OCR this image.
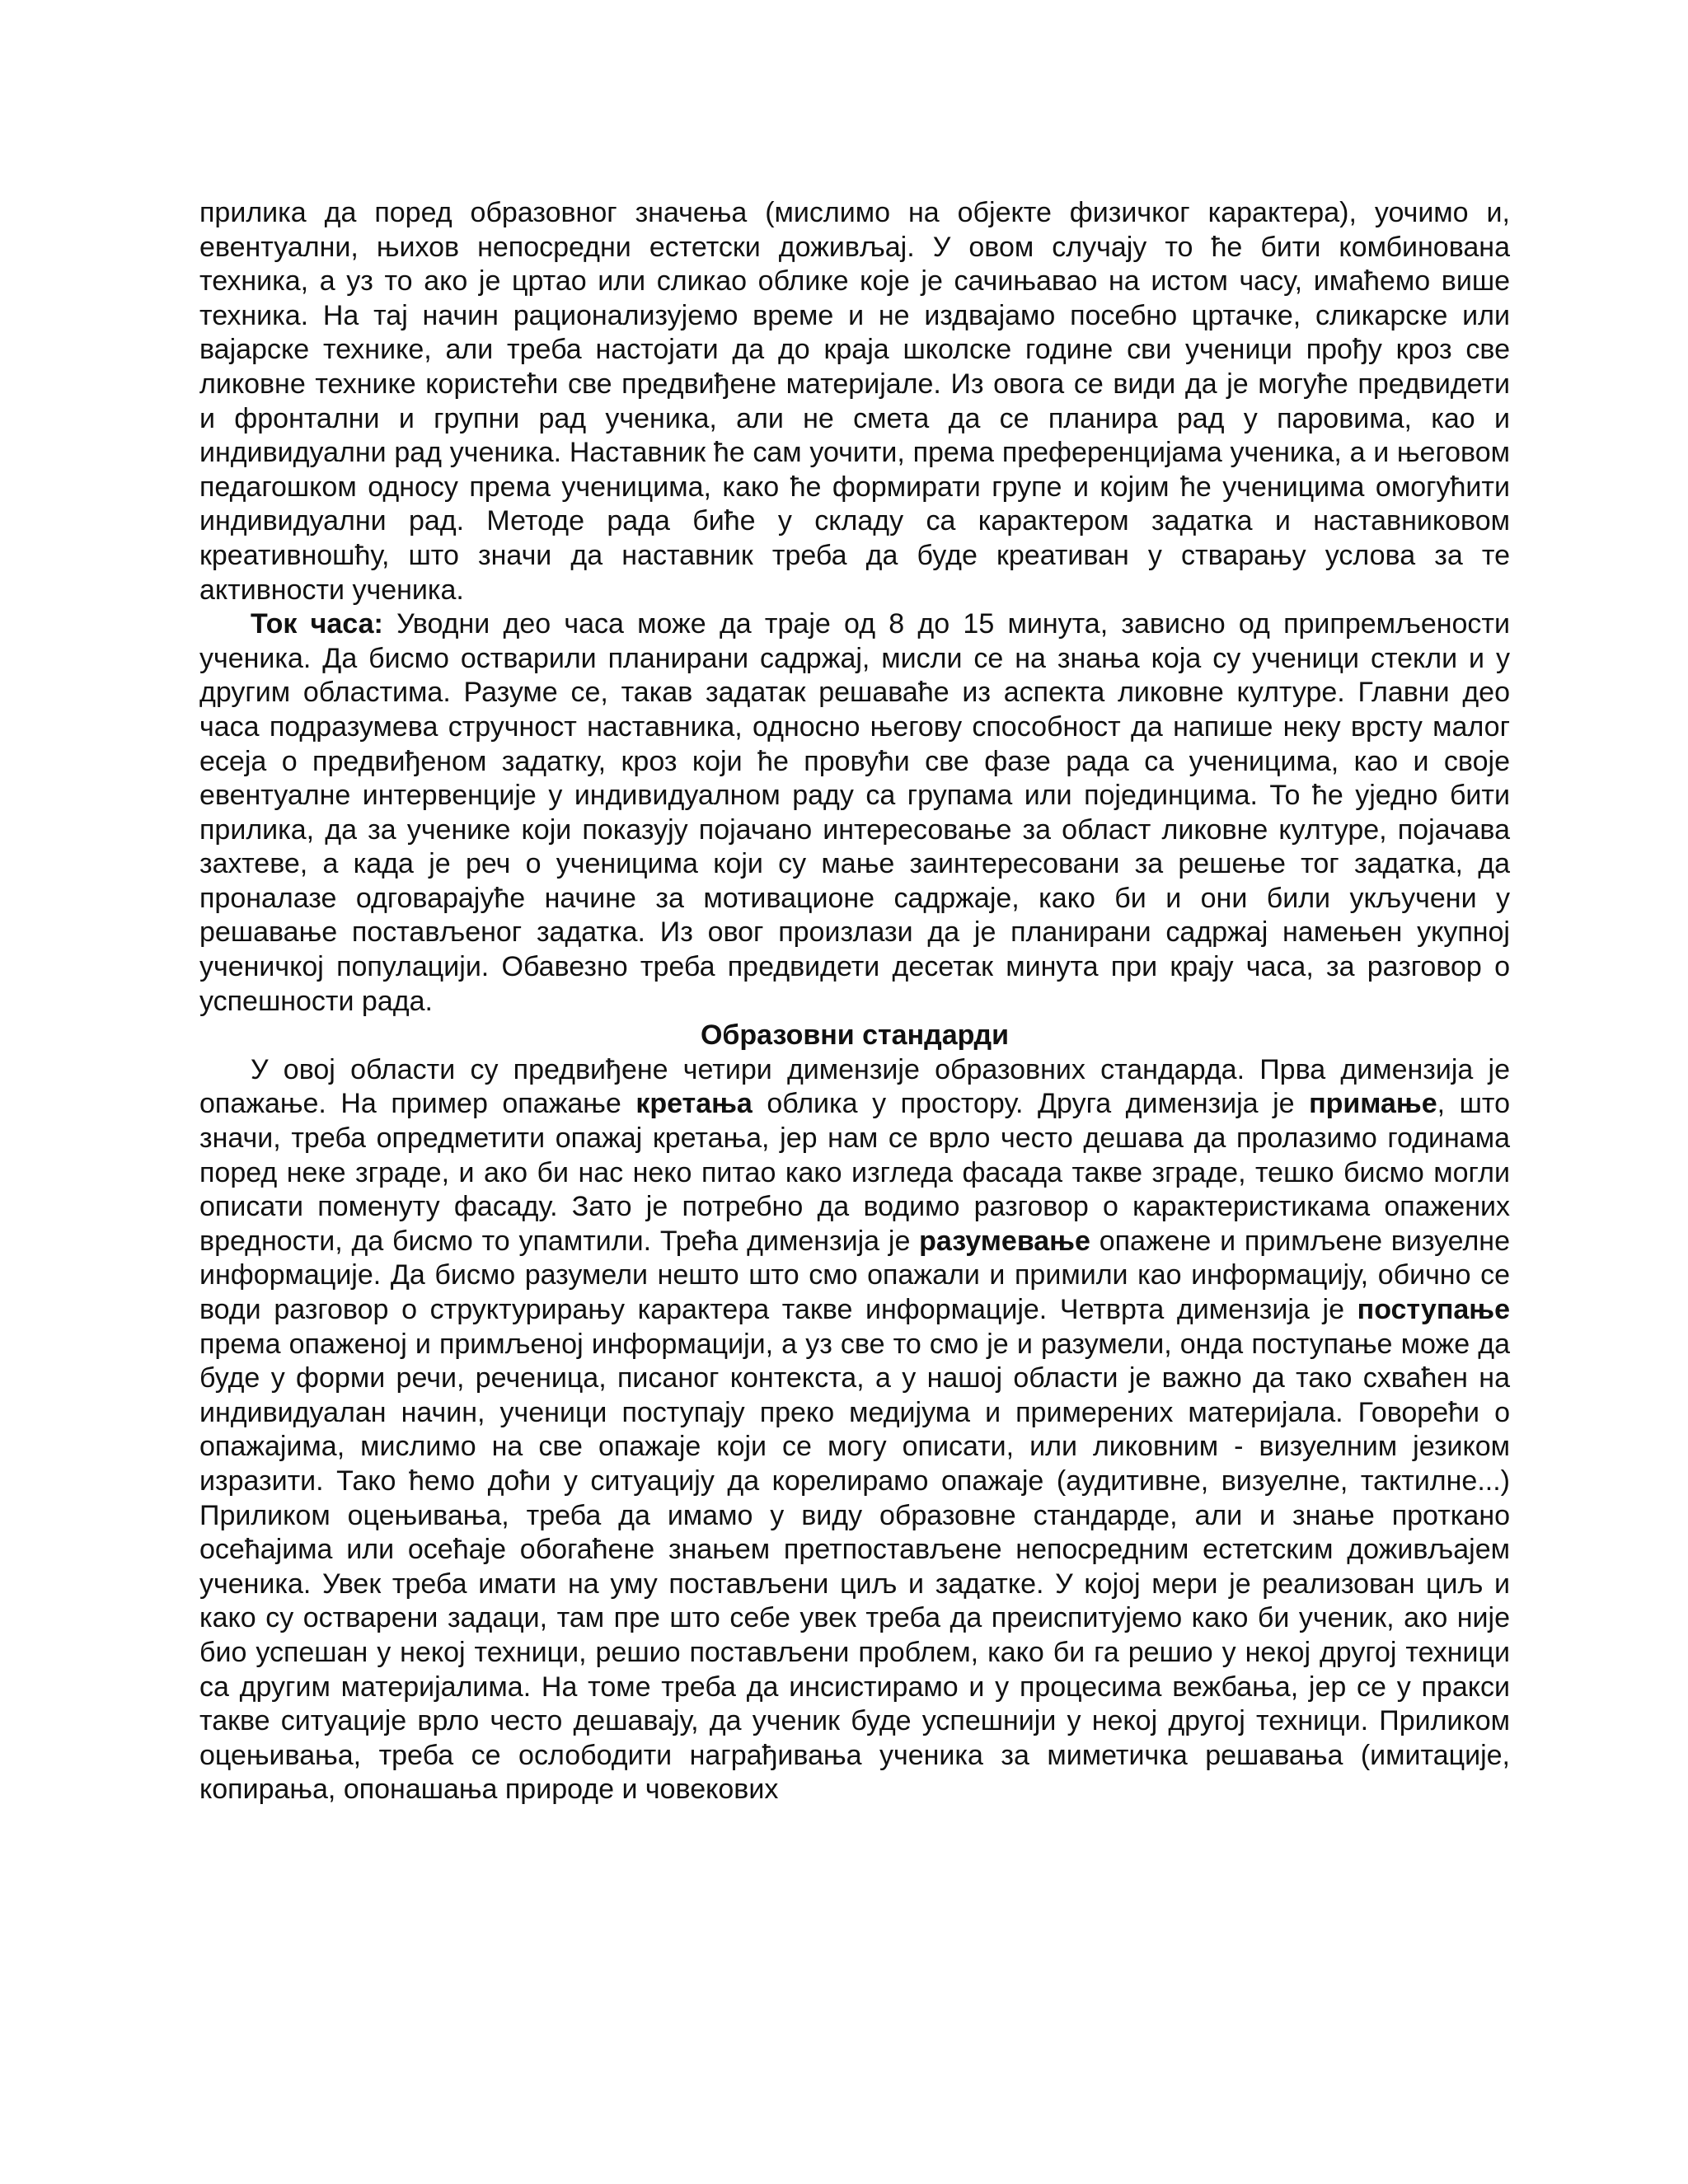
прилика да поред образовног значења (мислимо на објекте физичког карактера), уочимо и, евентуални, њихов непосредни естетски доживљај. У овом случају то ће бити комбинована техника, а уз то ако је цртао или сликао облике које је сачињавао на истом часу, имаћемо више техника. На тај начин рационализујемо време и не издвајамо посебно цртачке, сликарске или вајарске технике, али треба настојати да до краја школске године сви ученици прођу кроз све ликовне технике користећи све предвиђене материјале. Из овога се види да је могуће предвидети и фронтални и групни рад ученика, али не смета да се планира рад у паровима, као и индивидуални рад ученика. Наставник ће сам уочити, према преференцијама ученика, а и његовом педагошком односу према ученицима, како ће формирати групе и којим ће ученицима омогућити индивидуални рад. Методе рада биће у складу са карактером задатка и наставниковом креативношћу, што значи да наставник треба да буде креативан у стварању услова за те активности ученика.

Ток часа: Уводни део часа може да траје од 8 до 15 минута, зависно од припремљености ученика. Да бисмо остварили планирани садржај, мисли се на знања која су ученици стекли и у другим областима. Разуме се, такав задатак решаваће из аспекта ликовне културе. Главни део часа подразумева стручност наставника, односно његову способност да напише неку врсту малог есеја о предвиђеном задатку, кроз који ће провући све фазе рада са ученицима, као и своје евентуалне интервенције у индивидуалном раду са групама или појединцима. То ће уједно бити прилика, да за ученике који показују појачано интересовање за област ликовне културе, појачава захтеве, а када је реч о ученицима који су мање заинтересовани за решење тог задатка, да проналазе одговарајуће начине за мотивационе садржаје, како би и они били укључени у решавање постављеног задатка. Из овог произлази да је планирани садржај намењен укупној ученичкој популацији. Обавезно треба предвидети десетак минута при крају часа, за разговор о успешности рада.

Образовни стандарди

У овој области су предвиђене четири димензије образовних стандарда. Прва димензија је опажање. На пример опажање кретања облика у простору. Друга димензија је примање, што значи, треба опредметити опажај кретања, јер нам се врло често дешава да пролазимо годинама поред неке зграде, и ако би нас неко питао како изгледа фасада такве зграде, тешко бисмо могли описати поменуту фасаду. Зато је потребно да водимо разговор о карактеристикама опажених вредности, да бисмо то упамтили. Трећа димензија је разумевање опажене и примљене визуелне информације. Да бисмо разумели нешто што смо опажали и примили као информацију, обично се води разговор о структурирању карактера такве информације. Четврта димензија је поступање према опаженој и примљеној информацији, а уз све то смо је и разумели, онда поступање може да буде у форми речи, реченица, писаног контекста, а у нашој области је важно да тако схваћен на индивидуалан начин, ученици поступају преко медијума и примерених материјала. Говорећи о опажајима, мислимо на све опажаје који се могу описати, или ликовним - визуелним језиком изразити. Тако ћемо доћи у ситуацију да корелирамо опажаје (аудитивне, визуелне, тактилне...) Приликом оцењивања, треба да имамо у виду образовне стандарде, али и знање проткано осећајима или осећаје обогаћене знањем претпостављене непосредним естетским доживљајем ученика. Увек треба имати на уму постављени циљ и задатке. У којој мери је реализован циљ и како су остварени задаци, там пре што себе увек треба да преиспитујемо како би ученик, ако није био успешан у некој техници, решио постављени проблем, како би га решио у некој другој техници са другим материјалима. На томе треба да инсистирамо и у процесима вежбања, јер се у пракси такве ситуације врло често дешавају, да ученик буде успешнији у некој другој техници. Приликом оцењивања, треба се ослободити награђивања ученика за миметичка решавања (имитације, копирања, опонашања природе и човекових
